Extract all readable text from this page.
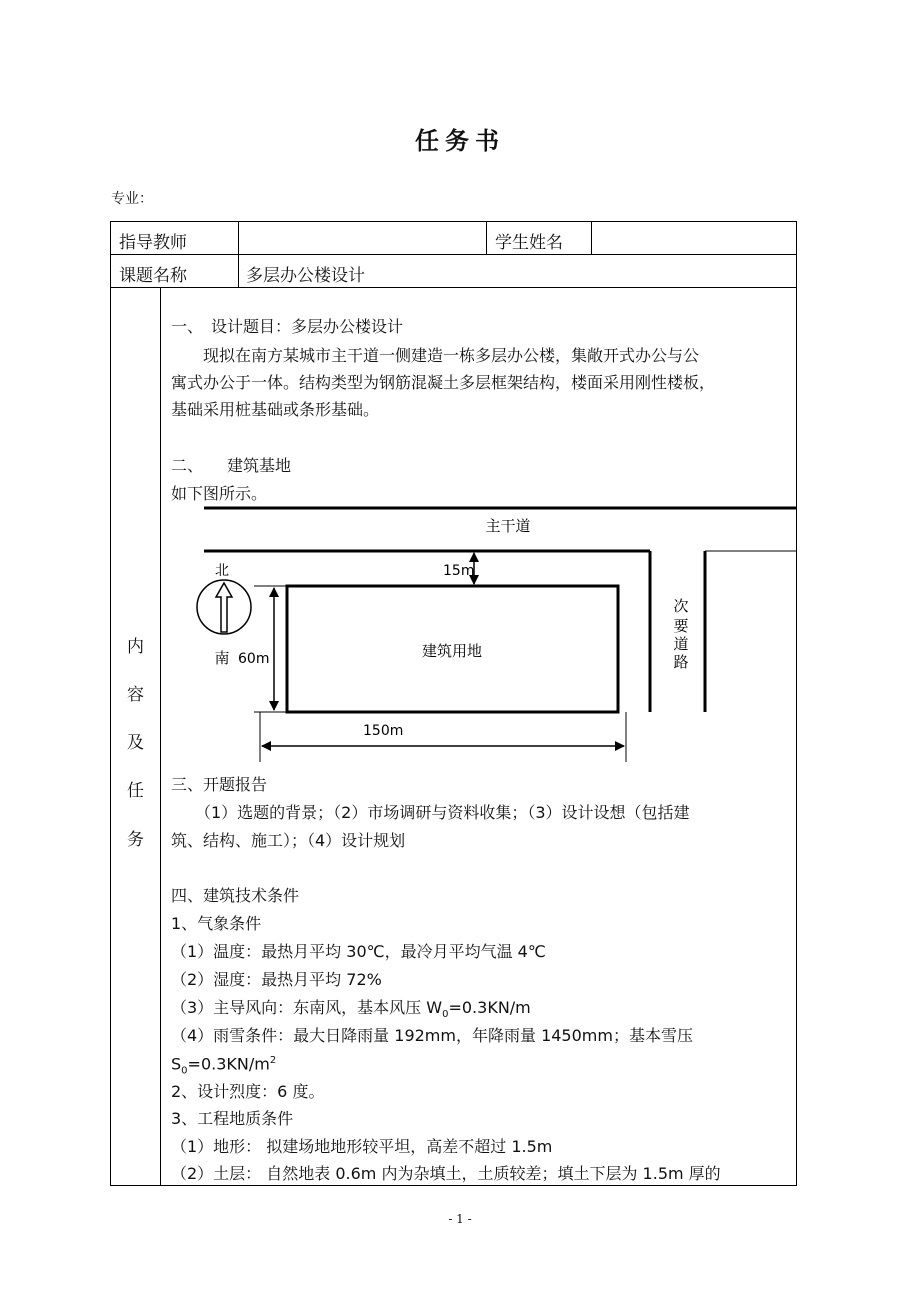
任务书
专业：
指导教师	学生姓名
课题名称	多层办公楼设计
内
容
及
任
务
一、　设计题目：多层办公楼设计
　　现拟在南方某城市主干道一侧建造一栋多层办公楼，集敞开式办公与公
寓式办公于一体。结构类型为钢筋混凝土多层框架结构，楼面采用刚性楼板，
基础采用桩基础或条形基础。
二、　　建筑基地
如下图所示。
主干道
次
要
道
路
建筑用地
15m
60m
150m
北
南
三、开题报告
　　（1）选题的背景；（2）市场调研与资料收集；（3）设计设想（包括建
筑、结构、施工）；（4）设计规划
四、建筑技术条件
1、气象条件
（1）温度：最热月平均 30℃，最冷月平均气温 4℃
（2）湿度：最热月平均 72%
（3）主导风向：东南风，基本风压 $W_0=0.3KN/m$
（4）雨雪条件：最大日降雨量 192mm，年降雨量 1450mm；基本雪压
$S_0=0.3KN/m^2$
2、设计烈度：6 度。
3、工程地质条件
（1）地形： 拟建场地地形较平坦，高差不超过 1.5m
（2）土层： 自然地表 0.6m 内为杂填土，土质较差；填土下层为 1.5m 厚的
- 1 -
